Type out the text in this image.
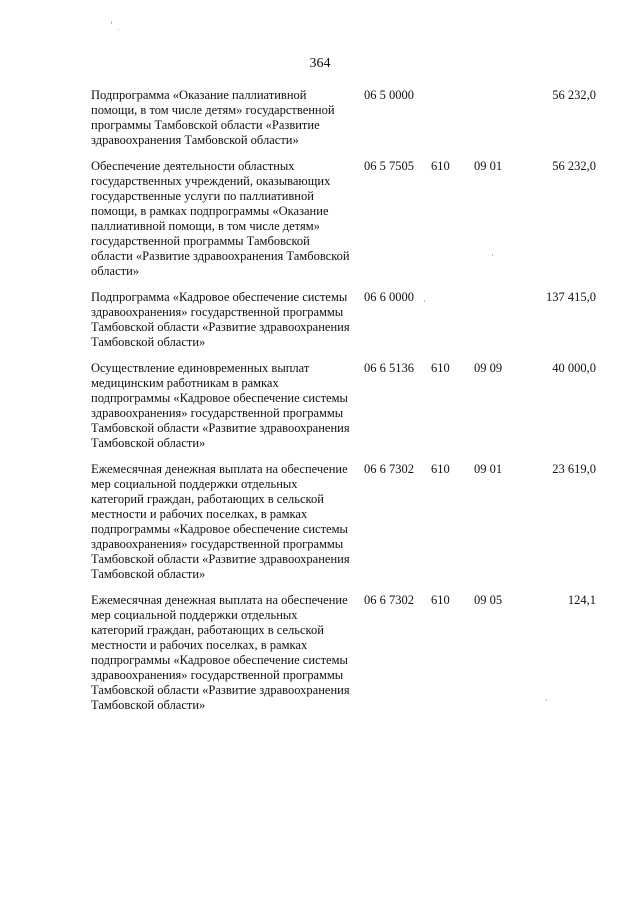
364
Подпрограмма «Оказание паллиативной помощи, в том числе детям» государственной программы Тамбовской области «Развитие здравоохранения Тамбовской области»
06 5 0000	56 232,0
Обеспечение деятельности областных государственных учреждений, оказывающих государственные услуги по паллиативной помощи, в рамках подпрограммы «Оказание паллиативной помощи, в том числе детям» государственной программы Тамбовской области «Развитие здравоохранения Тамбовской области»
06 5 7505 610 09 01	56 232,0
Подпрограмма «Кадровое обеспечение системы здравоохранения» государственной программы Тамбовской области «Развитие здравоохранения Тамбовской области»
06 6 0000	137 415,0
Осуществление единовременных выплат медицинским работникам в рамках подпрограммы «Кадровое обеспечение системы здравоохранения» государственной программы Тамбовской области «Развитие здравоохранения Тамбовской области»
06 6 5136 610 09 09	40 000,0
Ежемесячная денежная выплата на обеспечение мер социальной поддержки отдельных категорий граждан, работающих в сельской местности и рабочих поселках, в рамках подпрограммы «Кадровое обеспечение системы здравоохранения» государственной программы Тамбовской области «Развитие здравоохранения Тамбовской области»
06 6 7302 610 09 01	23 619,0
Ежемесячная денежная выплата на обеспечение мер социальной поддержки отдельных категорий граждан, работающих в сельской местности и рабочих поселках, в рамках подпрограммы «Кадровое обеспечение системы здравоохранения» государственной программы Тамбовской области «Развитие здравоохранения Тамбовской области»
06 6 7302 610 09 05	124,1
